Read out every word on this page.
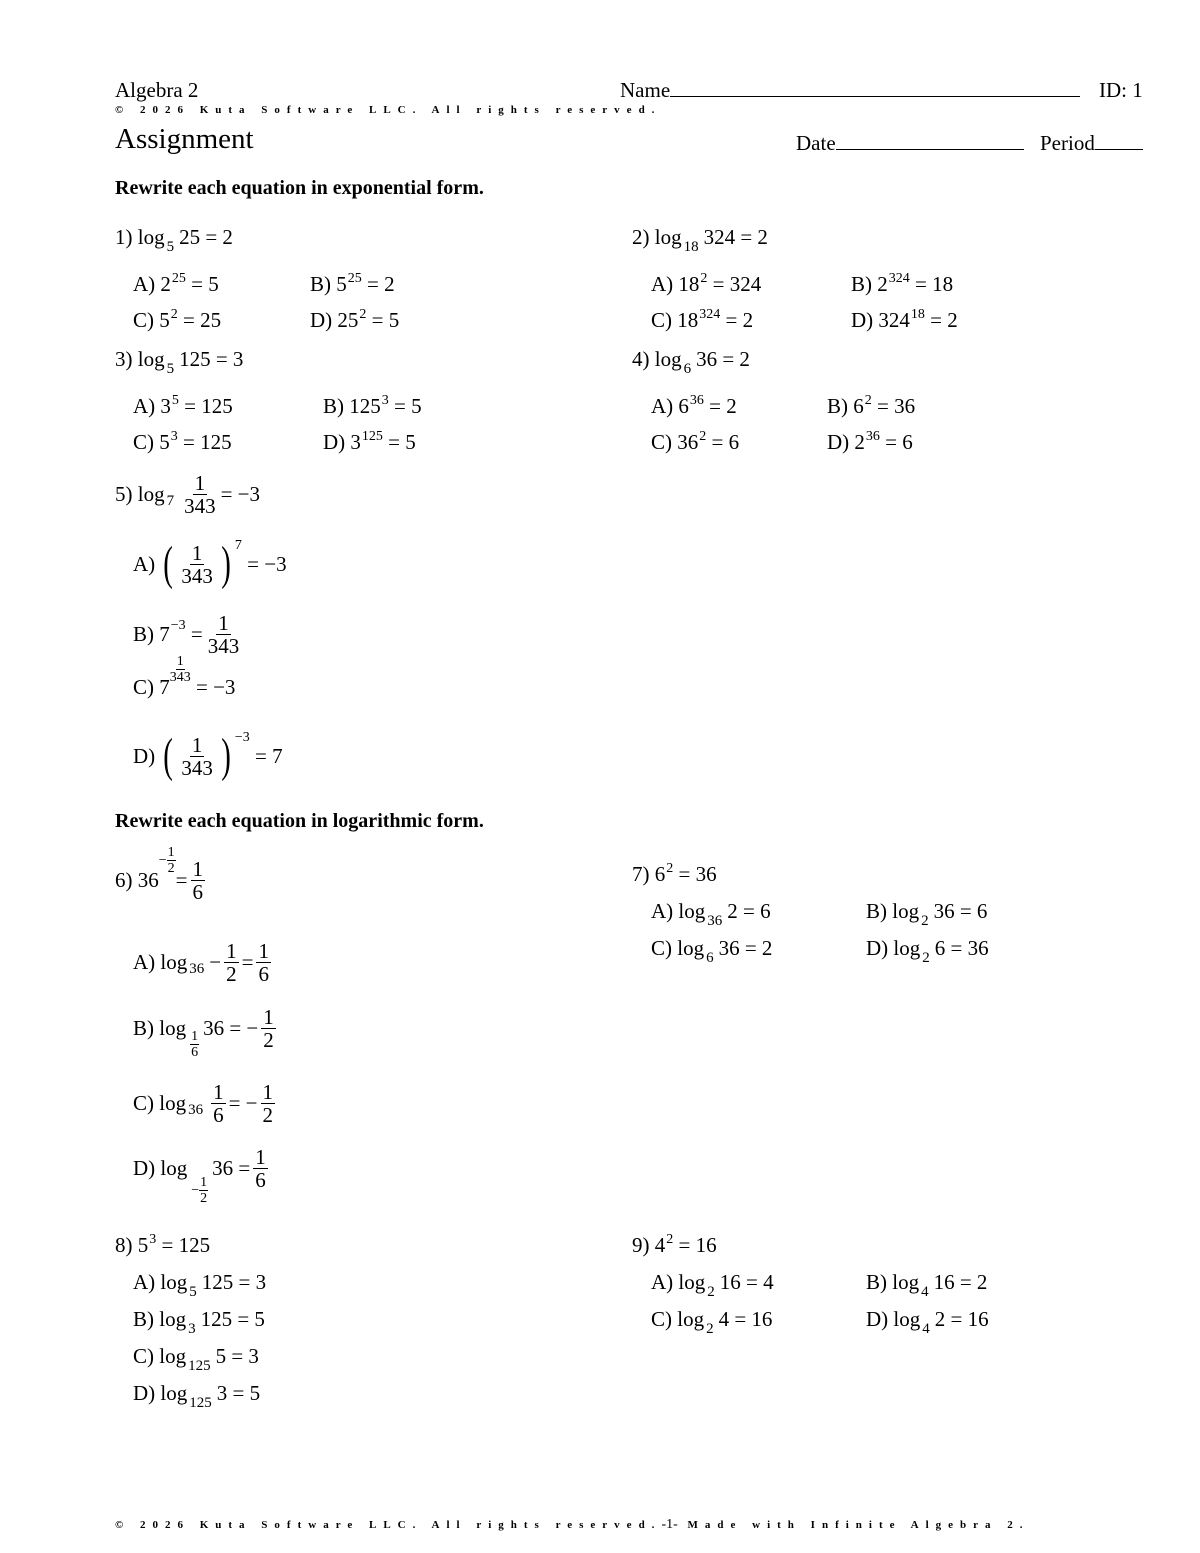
Algebra 2	Name	ID: 1
© 2026 Kuta Software LLC. All rights reserved.
Assignment	Date	Period
Rewrite each equation in exponential form.
1) log $_5$ 25 = 2
A) $2^{25} = 5$	B) $5^{25} = 2$
C) $5^2 = 25$	D) $25^2 = 5$
2) log $_{18}$ 324 = 2
A) $18^2 = 324$	B) $2^{324} = 18$
C) $18^{324} = 2$	D) $324^{18} = 2$
3) log $_5$ 125 = 3
A) $3^5 = 125$	B) $125^3 = 5$
C) $5^3 = 125$	D) $3^{125} = 5$
4) log $_6$ 36 = 2
A) $6^{36} = 2$	B) $6^2 = 36$
C) $36^2 = 6$	D) $2^{36} = 6$
5)
$\log 7 \frac{1}{343} = -3$
A)
( $\frac{1}{343}$ ) 7

= −3
B)
7 −3
= $\frac{1}{343}$
C)
7
$\frac{1}{343}$

= −3
D)
( $\frac{1}{343}$ ) −3

= 7
Rewrite each equation in logarithmic form.
6)
36
− $\frac{1}{2}$
= $\frac{1}{6}$
A)
$\log 36 - \frac{1}{2} = \frac{1}{6}$
B)
log 1
6
36
= − $\frac{1}{2}$
C)
$\log 36 \frac{1}{6}$ = − $\frac{1}{2}$
D)
log
− $\frac{1}{2}$
36
= $\frac{1}{6}$
7) $6^2 = 36$
A) log $_{36}$ 2 = 6	B) log $_2$ 36 = 6
C) log $_6$ 36 = 2	D) log $_2$ 6 = 36
8) $5^3 = 125$
A) log $_5$ 125 = 3
B) log $_3$ 125 = 5
C) log $_{125}$ 5 = 3
D) log $_{125}$ 3 = 5
9) $4^2 = 16$
A) log $_2$ 16 = 4	B) log $_4$ 16 = 2
C) log $_2$ 4 = 16	D) log $_4$ 2 = 16
© 2026 Kuta Software LLC. All rights reserved.-1- Made with Infinite Algebra 2.
